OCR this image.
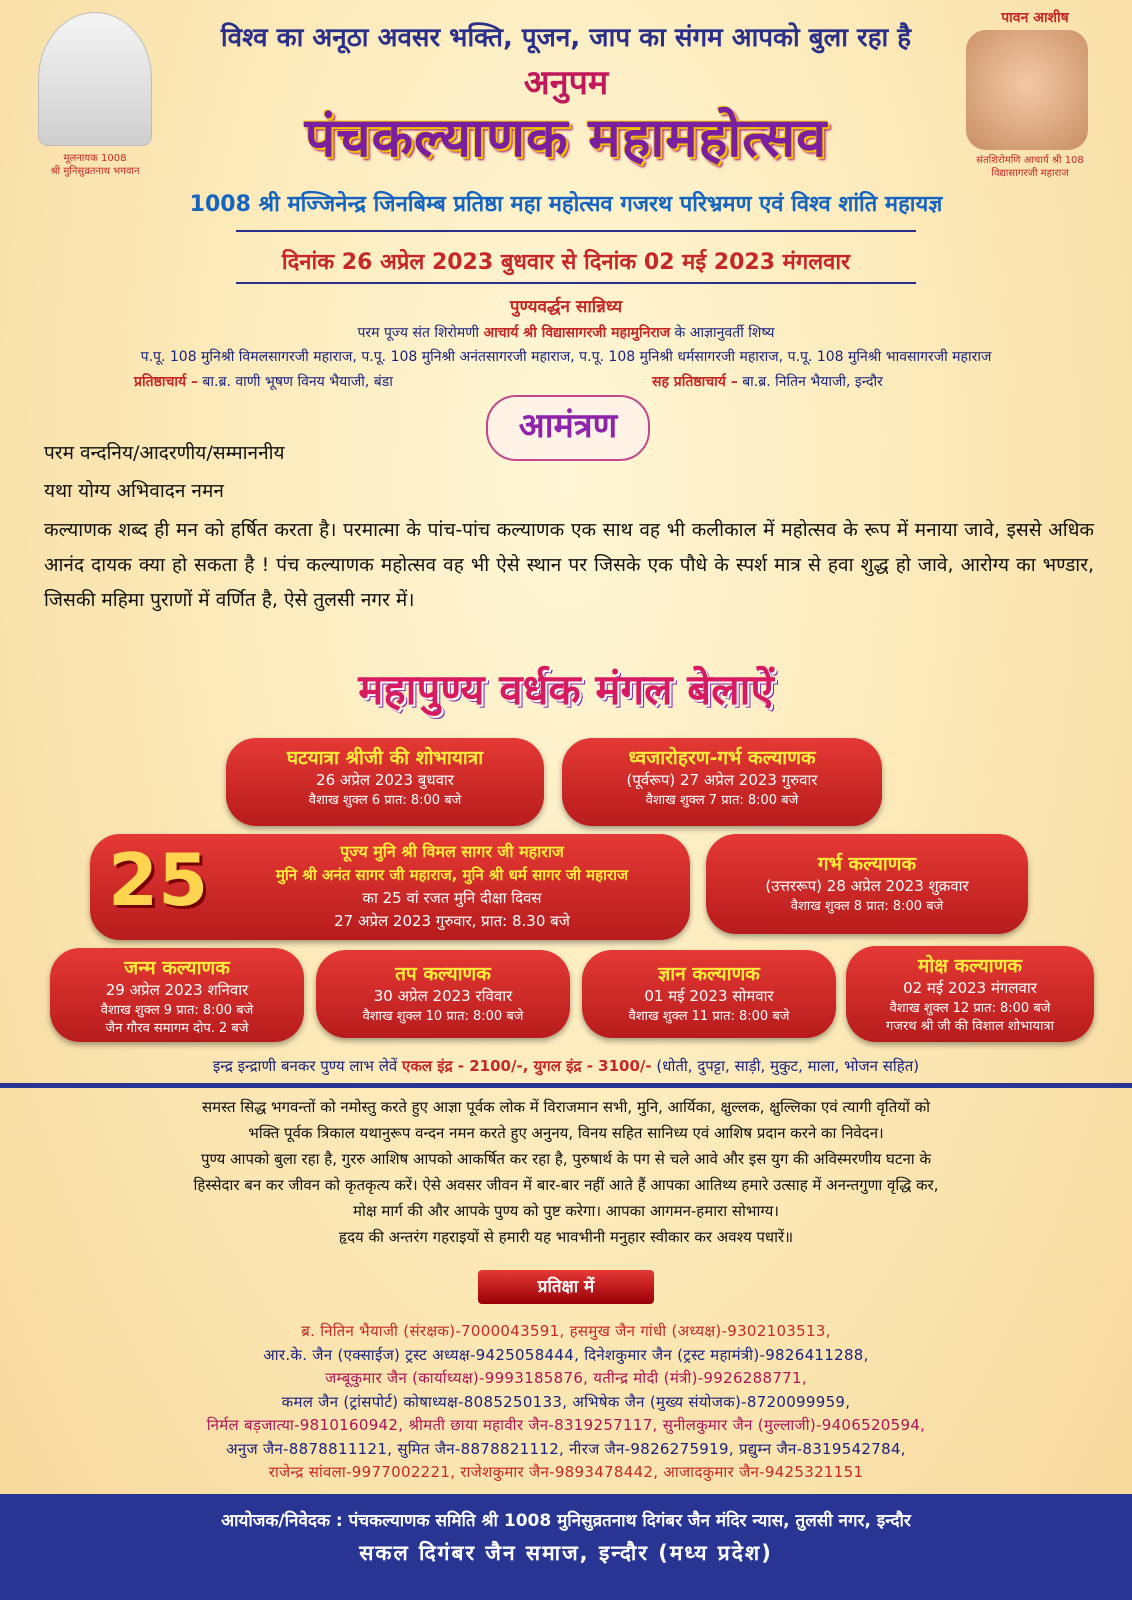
मूलनायक 1008
श्री मुनिसुव्रतनाथ भगवान
पावन आशीष
संतशिरोमणि आचार्य श्री 108
विद्यासागरजी महाराज
विश्व का अनूठा अवसर भक्ति, पूजन, जाप का संगम आपको बुला रहा है
अनुपम
पंचकल्याणक महामहोत्सव
1008 श्री मज्जिनेन्द्र जिनबिम्ब प्रतिष्ठा महा महोत्सव गजरथ परिभ्रमण एवं विश्व शांति महायज्ञ
दिनांक 26 अप्रेल 2023 बुधवार से दिनांक 02 मई 2023 मंगलवार
पुण्यवर्द्धन सान्निध्य
परम पूज्य संत शिरोमणी आचार्य श्री विद्यासागरजी महामुनिराज के आज्ञानुवर्ती शिष्य
प.पू. 108 मुनिश्री विमलसागरजी महाराज, प.पू. 108 मुनिश्री अनंतसागरजी महाराज, प.पू. 108 मुनिश्री धर्मसागरजी महाराज, प.पू. 108 मुनिश्री भावसागरजी महाराज
प्रतिष्ठाचार्य – बा.ब्र. वाणी भूषण विनय भैयाजी, बंडा	सह प्रतिष्ठाचार्य – बा.ब्र. नितिन भैयाजी, इन्दौर
आमंत्रण
परम वन्दनिय/आदरणीय/सम्माननीय
यथा योग्य अभिवादन नमन
कल्याणक शब्द ही मन को हर्षित करता है। परमात्मा के पांच-पांच कल्याणक एक साथ वह भी कलीकाल में महोत्सव के रूप में मनाया जावे, इससे अधिक आनंद दायक क्या हो सकता है ! पंच कल्याणक महोत्सव वह भी ऐसे स्थान पर जिसके एक पौधे के स्पर्श मात्र से हवा शुद्ध हो जावे, आरोग्य का भण्डार, जिसकी महिमा पुराणों में वर्णित है, ऐसे तुलसी नगर में।
महापुण्य वर्धक मंगल बेलाऐं
घटयात्रा श्रीजी की शोभायात्रा
26 अप्रेल 2023 बुधवार
वैशाख शुक्ल 6 प्रात: 8:00 बजे
ध्वजारोहरण-गर्भ कल्याणक
(पूर्वरूप) 27 अप्रेल 2023 गुरुवार
वैशाख शुक्ल 7 प्रात: 8:00 बजे
25	पूज्य मुनि श्री विमल सागर जी महाराज
मुनि श्री अनंत सागर जी महाराज, मुनि श्री धर्म सागर जी महाराज
का 25 वां रजत मुनि दीक्षा दिवस
27 अप्रेल 2023 गुरुवार, प्रात: 8.30 बजे
गर्भ कल्याणक
(उत्तररूप) 28 अप्रेल 2023 शुक्रवार
वैशाख शुक्ल 8 प्रात: 8:00 बजे
जन्म कल्याणक
29 अप्रेल 2023 शनिवार
वैशाख शुक्ल 9 प्रात: 8:00 बजे
जैन गौरव समागम दोप. 2 बजे
तप कल्याणक
30 अप्रेल 2023 रविवार
वैशाख शुक्ल 10 प्रात: 8:00 बजे
ज्ञान कल्याणक
01 मई 2023 सोमवार
वैशाख शुक्ल 11 प्रात: 8:00 बजे
मोक्ष कल्याणक
02 मई 2023 मंगलवार
वैशाख शुक्ल 12 प्रात: 8:00 बजे
गजरथ श्री जी की विशाल शोभायात्रा
इन्द्र इन्द्राणी बनकर पुण्य लाभ लेवें एकल इंद्र - 2100/-, युगल इंद्र - 3100/- (धोती, दुपट्टा, साड़ी, मुकुट, माला, भोजन सहित)
समस्त सिद्ध भगवन्तों को नमोस्तु करते हुए आज्ञा पूर्वक लोक में विराजमान सभी, मुनि, आर्यिका, क्षुल्लक, क्षुल्लिका एवं त्यागी वृतियों को
भक्ति पूर्वक त्रिकाल यथानुरूप वन्दन नमन करते हुए अनुनय, विनय सहित सानिध्य एवं आशिष प्रदान करने का निवेदन।
पुण्य आपको बुला रहा है, गुररु आशिष आपको आकर्षित कर रहा है, पुरुषार्थ के पग से चले आवे और इस युग की अविस्मरणीय घटना के
हिस्सेदार बन कर जीवन को कृतकृत्य करें। ऐसे अवसर जीवन में बार-बार नहीं आते हैं आपका आतिथ्य हमारे उत्साह में अनन्तगुणा वृद्धि कर,
मोक्ष मार्ग की और आपके पुण्य को पुष्ट करेगा। आपका आगमन-हमारा सोभाग्य।
हृदय की अन्तरंग गहराइयों से हमारी यह भावभीनी मनुहार स्वीकार कर अवश्य पधारें॥
प्रतिक्षा में
ब्र. नितिन भैयाजी (संरक्षक)-7000043591, हसमुख जैन गांधी (अध्यक्ष)-9302103513,
आर.के. जैन (एक्साईज) ट्रस्ट अध्यक्ष-9425058444, दिनेशकुमार जैन (ट्रस्ट महामंत्री)-9826411288,
जम्बूकुमार जैन (कार्याध्यक्ष)-9993185876, यतीन्द्र मोदी (मंत्री)-9926288771,
कमल जैन (ट्रांसपोर्ट) कोषाध्यक्ष-8085250133, अभिषेक जैन (मुख्य संयोजक)-8720099959,
निर्मल बड़जात्या-9810160942, श्रीमती छाया महावीर जैन-8319257117, सुनीलकुमार जैन (मुल्लाजी)-9406520594,
अनुज जैन-8878811121, सुमित जैन-8878821112, नीरज जैन-9826275919, प्रद्युम्न जैन-8319542784,
राजेन्द्र सांवला-9977002221, राजेशकुमार जैन-9893478442, आजादकुमार जैन-9425321151
आयोजक/निवेदक : पंचकल्याणक समिति श्री 1008 मुनिसुव्रतनाथ दिगंबर जैन मंदिर न्यास, तुलसी नगर, इन्दौर
सकल दिगंबर जैन समाज, इन्दौर (मध्य प्रदेश)
